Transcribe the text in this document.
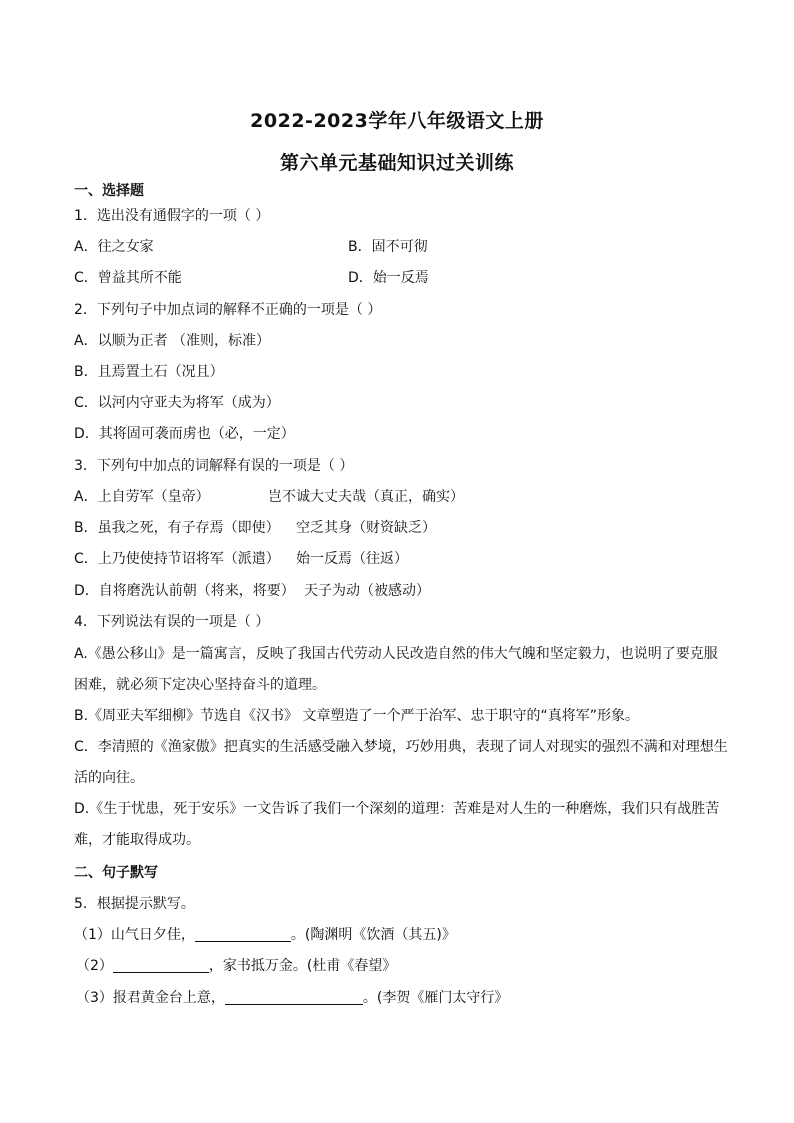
2022-2023学年八年级语文上册
第六单元基础知识过关训练
一、选择题
1．选出没有通假字的一项（ ）
A．往之女家	B．固不可彻
C．曾益其所不能	D．始一反焉
2．下列句子中加点词的解释不正确的一项是（ ）
A．以顺为正者 （准则，标准）
B．且焉置土石（况且）
C．以河内守亚夫为将军（成为）
D．其将固可袭而虏也（必，一定）
3．下列句中加点的词解释有误的一项是（ ）
A．上自劳军（皇帝）	岂不诚大丈夫哉（真正，确实）
B．虽我之死，有子存焉（即使） 空乏其身（财资缺乏）
C．上乃使使持节诏将军（派遣） 始一反焉（往返）
D．自将磨洗认前朝（将来，将要） 天子为动（被感动）
4．下列说法有误的一项是（ ）
A.《愚公移山》是一篇寓言，反映了我国古代劳动人民改造自然的伟大气魄和坚定毅力，也说明了要克服
困难，就必须下定决心坚持奋斗的道理。
B.《周亚夫军细柳》节选自《汉书》 文章塑造了一个严于治军、忠于职守的“真将军”形象。
C．李清照的《渔家傲》把真实的生活感受融入梦境，巧妙用典，表现了词人对现实的强烈不满和对理想生
活的向往。
D.《生于忧患，死于安乐》一文告诉了我们一个深刻的道理：苦难是对人生的一种磨炼，我们只有战胜苦
难，才能取得成功。
二、句子默写
5．根据提示默写。
（1）山气日夕佳，	。(陶渊明《饮酒（其五)》
（2）	，家书抵万金。(杜甫《春望》
（3）报君黄金台上意，	。(李贺《雁门太守行》
